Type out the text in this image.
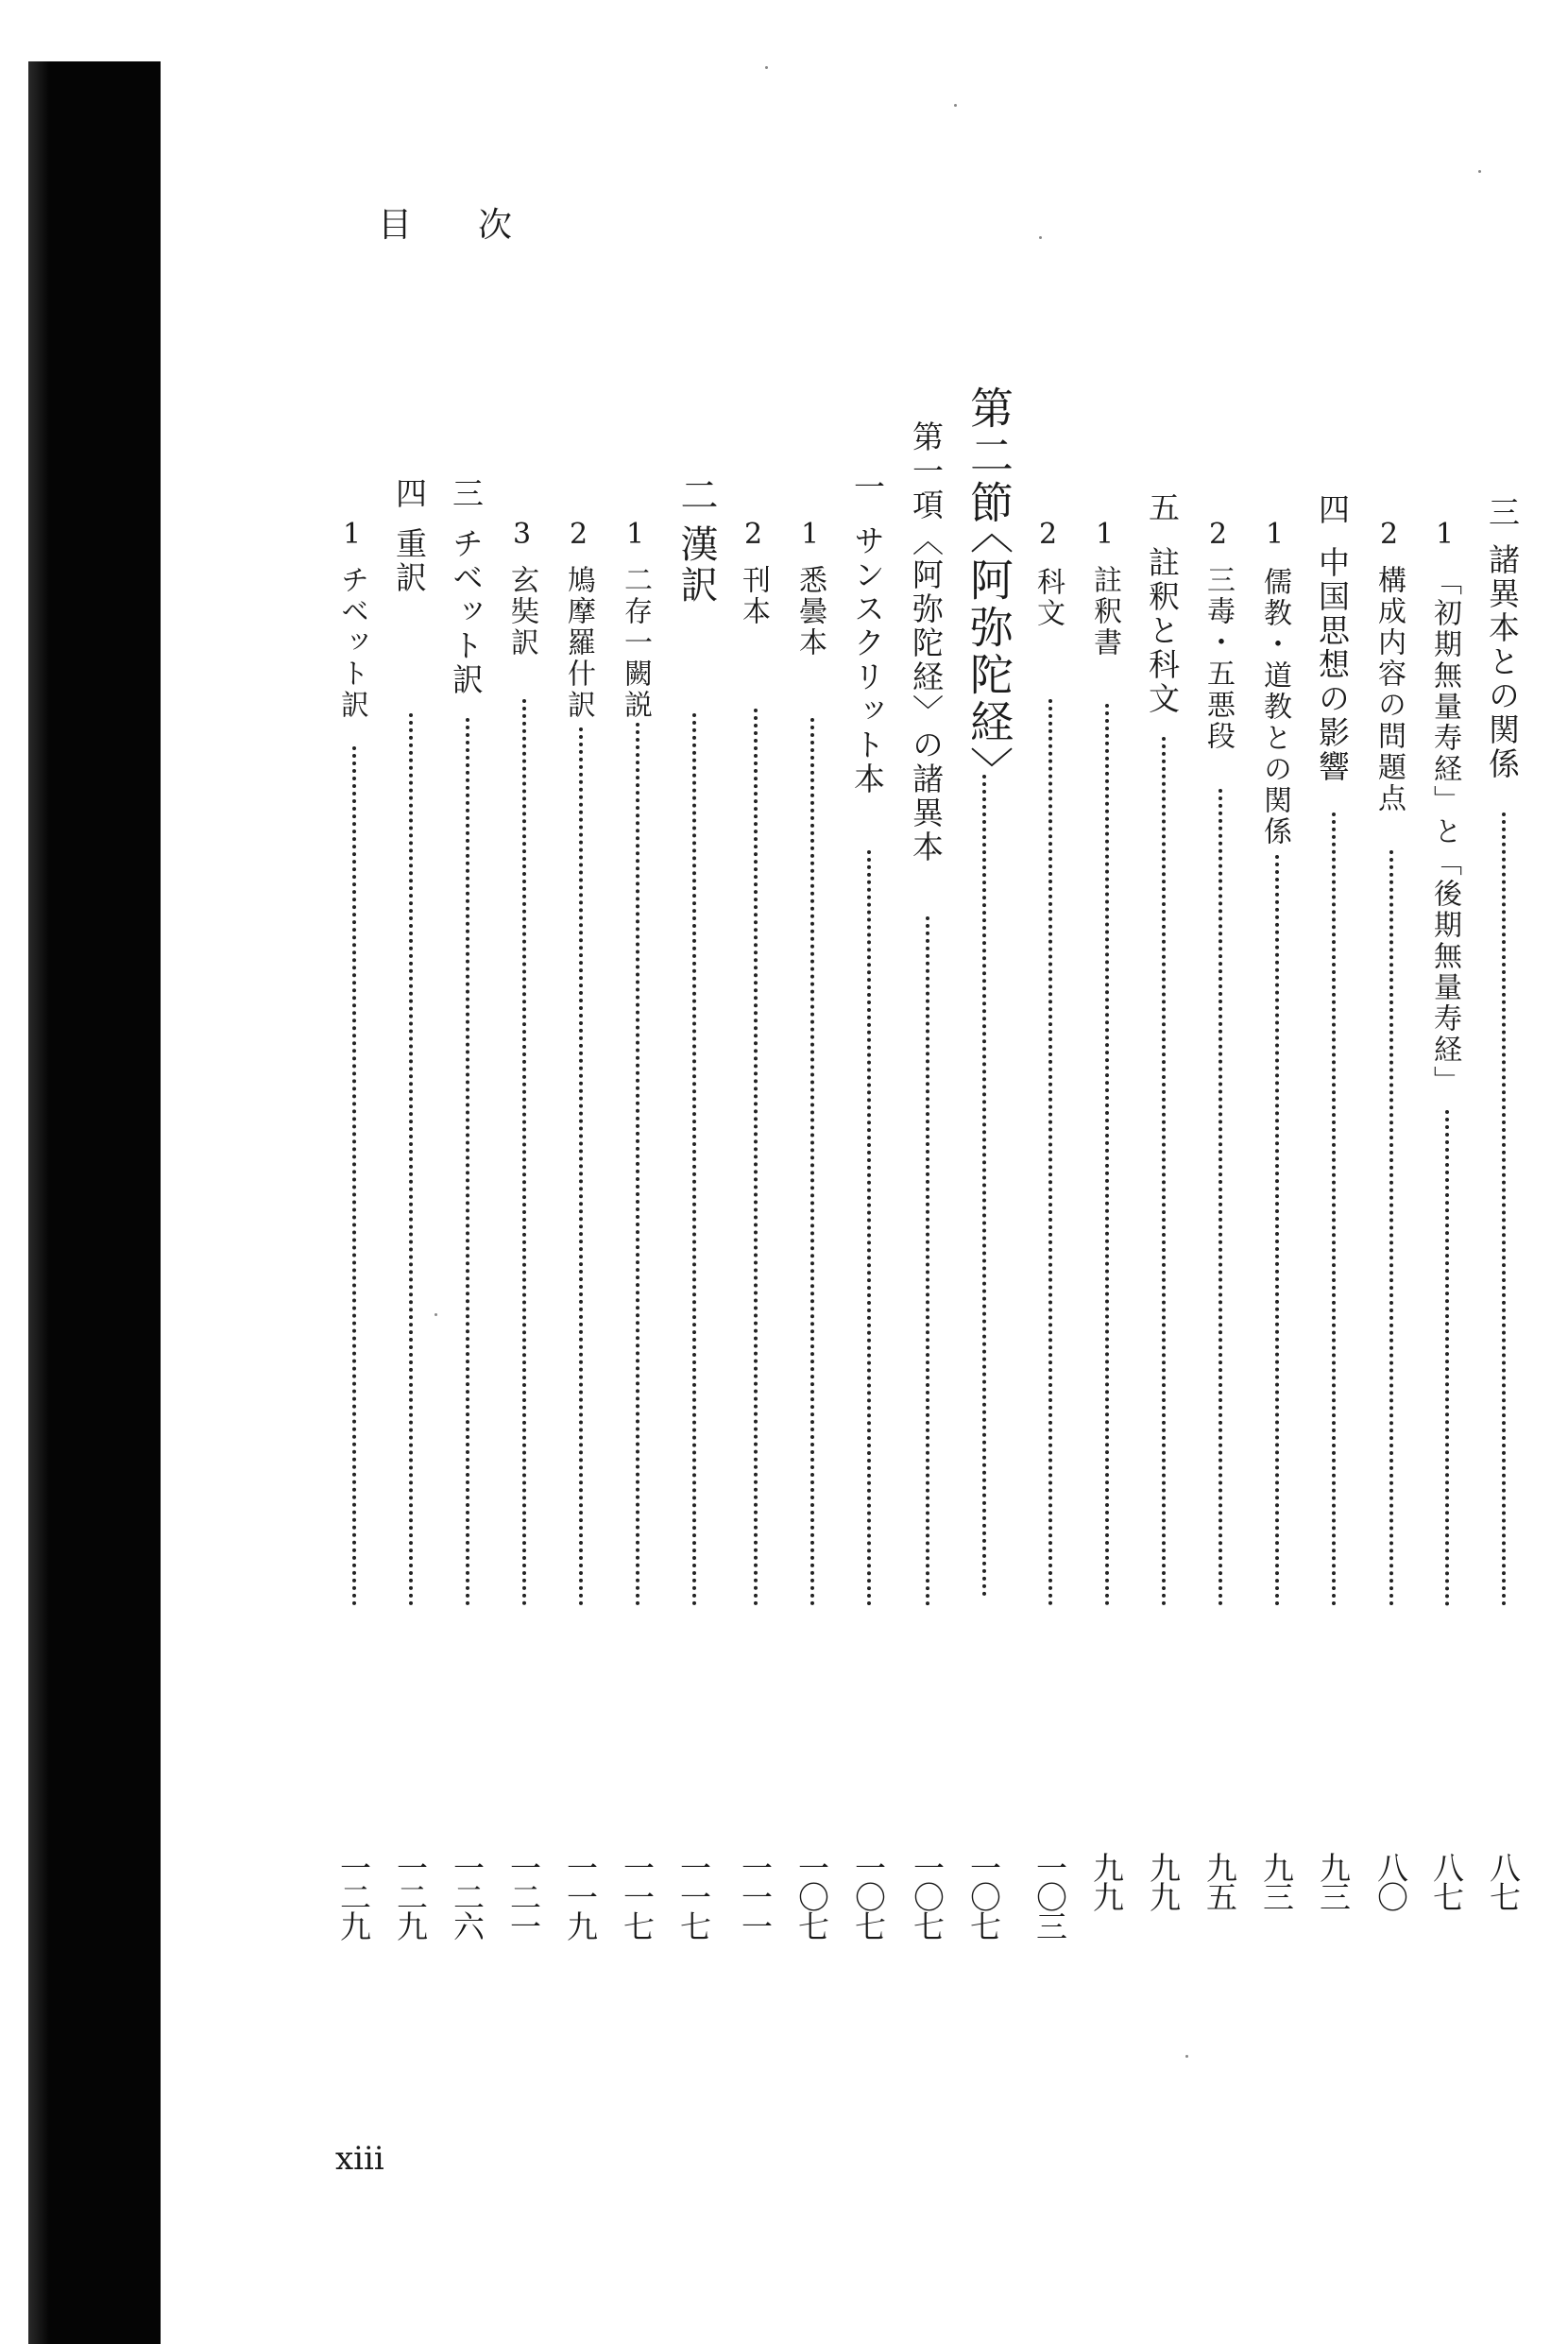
目 次
三
諸異本との関係
八七
1
「初期無量寿経」と「後期無量寿経」
八七
2
構成内容の問題点
八〇
四
中国思想の影響
九三
1
儒教・道教との関係
九三
2
三毒・五悪段
九五
五
註釈と科文
九九
1
註釈書
九九
2
科文
一〇三
第二節
〈阿弥陀経〉
一〇七
第一項
〈阿弥陀経〉の諸異本
一〇七
一
サンスクリット本
一〇七
1
悉曇本
一〇七
2
刊本
一一一
二
漢訳
一一七
1
二存一闕説
一一七
2
鳩摩羅什訳
一一九
3
玄奘訳
一二一
三
チベット訳
一二六
四
重訳
一二九
1
チベット訳
一二九
xiii
